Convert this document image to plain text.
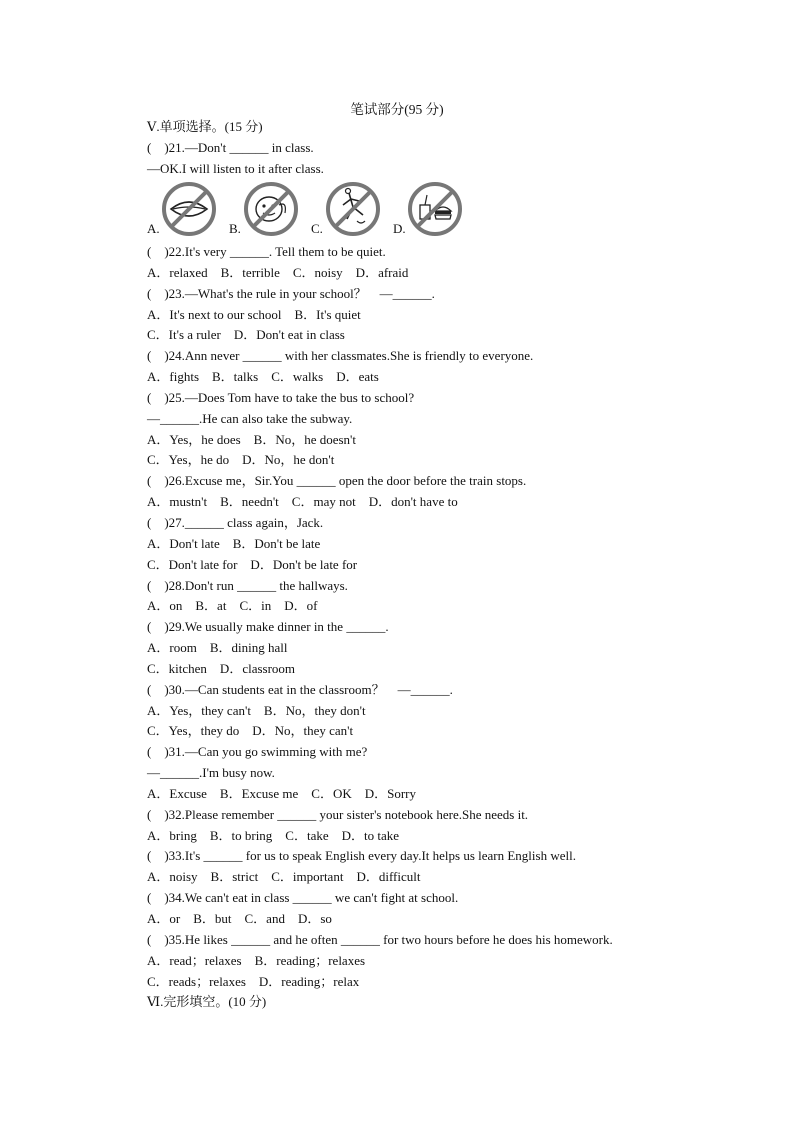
笔试部分(95 分)
Ⅴ.单项选择。(15 分)
(　)21.—Don't ______ in class.
—OK.I will listen to it after class.
A.	B.	C.	D.
(　)22.It's very ______. Tell them to be quiet.
A．relaxed　B．terrible　C．noisy　D．afraid
(　)23.—What's the rule in your school？　—______.
A．It's next to our school　B．It's quiet
C．It's a ruler　D．Don't eat in class
(　)24.Ann never ______ with her classmates.She is friendly to everyone.
A．fights　B．talks　C．walks　D．eats
(　)25.—Does Tom have to take the bus to school?
—______.He can also take the subway.
A．Yes，he does　B．No，he doesn't
C．Yes，he do　D．No，he don't
(　)26.Excuse me，Sir.You ______ open the door before the train stops.
A．mustn't　B．needn't　C．may not　D．don't have to
(　)27.______ class again，Jack.
A．Don't late　B．Don't be late
C．Don't late for　D．Don't be late for
(　)28.Don't run ______ the hallways.
A．on　B．at　C．in　D．of
(　)29.We usually make dinner in the ______.
A．room　B．dining hall
C．kitchen　D．classroom
(　)30.—Can students eat in the classroom？　—______.
A．Yes，they can't　B．No，they don't
C．Yes，they do　D．No，they can't
(　)31.—Can you go swimming with me?
—______.I'm busy now.
A．Excuse　B．Excuse me　C．OK　D．Sorry
(　)32.Please remember ______ your sister's notebook here.She needs it.
A．bring　B．to bring　C．take　D．to take
(　)33.It's ______ for us to speak English every day.It helps us learn English well.
A．noisy　B．strict　C．important　D．difficult
(　)34.We can't eat in class ______ we can't fight at school.
A．or　B．but　C．and　D．so
(　)35.He likes ______ and he often ______ for two hours before he does his homework.
A．read；relaxes　B．reading；relaxes
C．reads；relaxes　D．reading；relax
Ⅵ.完形填空。(10 分)
